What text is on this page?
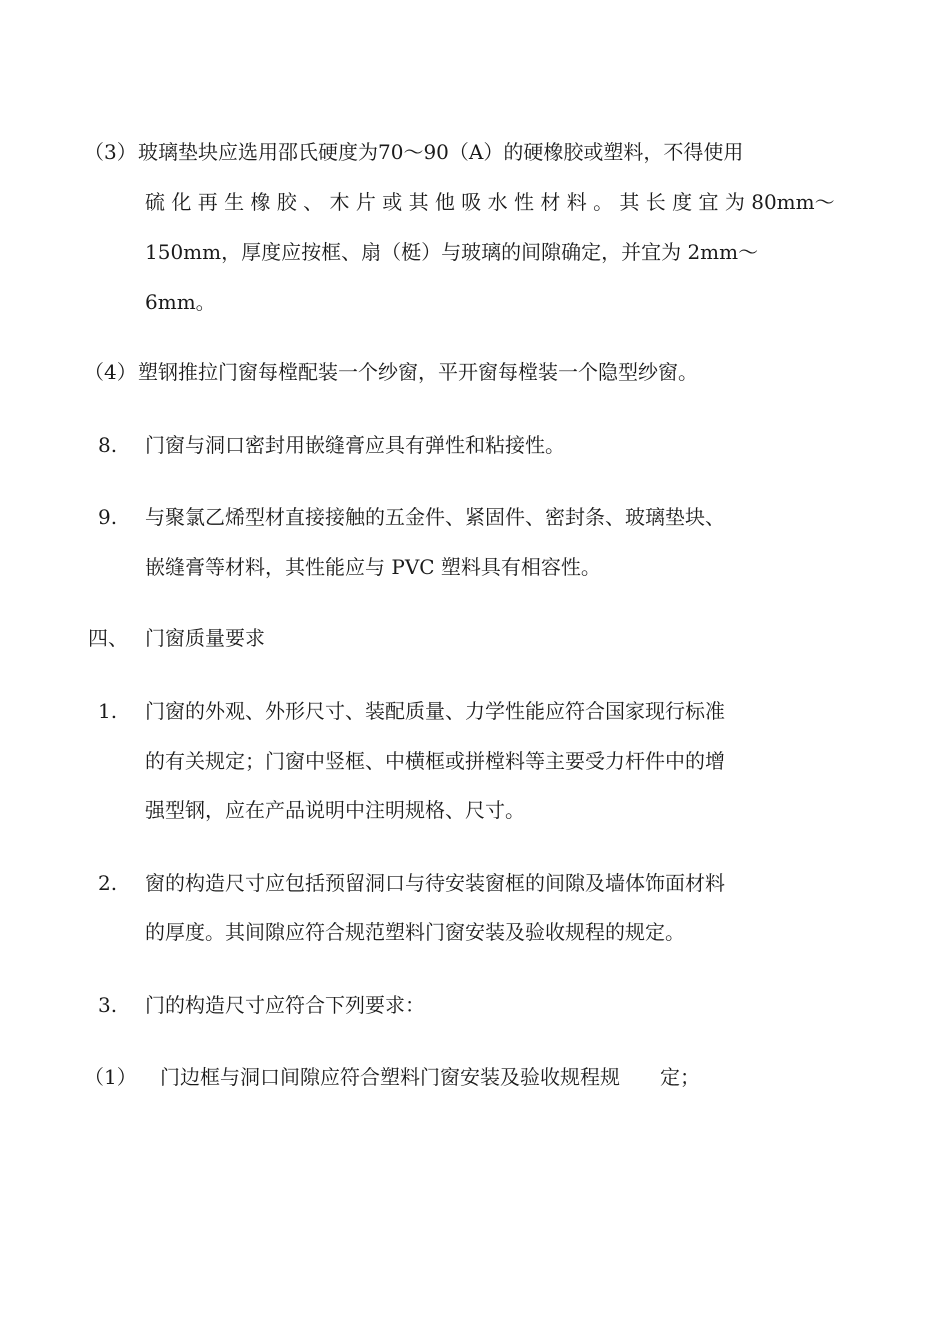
（3） 玻璃垫块应选用邵氏硬度为70～90（A）的硬橡胶或塑料，不得使用
硫 化 再 生 橡 胶 、 木 片 或 其 他 吸 水 性 材 料 。 其 长 度 宜 为 80mm～
150mm，厚度应按框、扇（梃）与玻璃的间隙确定，并宜为 2mm～
6mm。
（4） 塑钢推拉门窗每樘配装一个纱窗，平开窗每樘装一个隐型纱窗。
8. 门窗与洞口密封用嵌缝膏应具有弹性和粘接性。
9. 与聚氯乙烯型材直接接触的五金件、紧固件、密封条、玻璃垫块、
嵌缝膏等材料，其性能应与 PVC 塑料具有相容性。
四、 门窗质量要求
1. 门窗的外观、外形尺寸、装配质量、力学性能应符合国家现行标准
的有关规定；门窗中竖框、中横框或拼樘料等主要受力杆件中的增
强型钢，应在产品说明中注明规格、尺寸。
2. 窗的构造尺寸应包括预留洞口与待安装窗框的间隙及墙体饰面材料
的厚度。其间隙应符合规范塑料门窗安装及验收规程的规定。
3. 门的构造尺寸应符合下列要求：
（1） 门边框与洞口间隙应符合塑料门窗安装及验收规程规　　定；
